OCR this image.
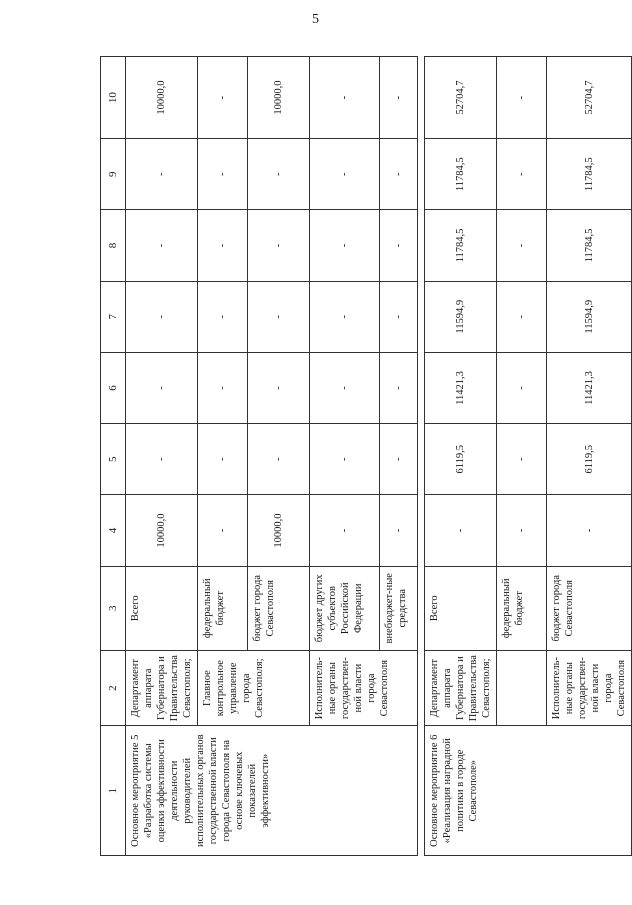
5
1	2	3	4	5	6	7	8	9	10
Основное мероприятие 5 «Разработка системы оценки эффективности деятельности руководителей исполнительных органов государственной власти города Севастополя на основе ключевых показателей эффективности»	Департамент аппарата Губернатора и Правительства Севастополя;	Всего	10000,0	-	-	-	-	-	10000,0
	Главное контрольное управление города Севастополя;	федеральный бюджет	-	-	-	-	-	-	-
		бюджет города Севастополя	10000,0	-	-	-	-	-	10000,0
	Исполнитель-ные органы государствен-ной власти города Севастополя	бюджет других субъектов Российской Федерации	-	-	-	-	-	-	-
		внебюджет-ные средства	-	-	-	-	-	-	-

Основное мероприятие 6 «Реализация наградной политики в городе Севастополе»	Департамент аппарата Губернатора и Правительства Севастополя;	Всего	-	6119,5	11421,3	11594,9	11784,5	11784,5	52704,7
		федеральный бюджет	-	-	-	-	-	-	-
	Исполнитель-ные органы государствен-ной власти города Севастополя	бюджет города Севастополя	-	6119,5	11421,3	11594,9	11784,5	11784,5	52704,7
